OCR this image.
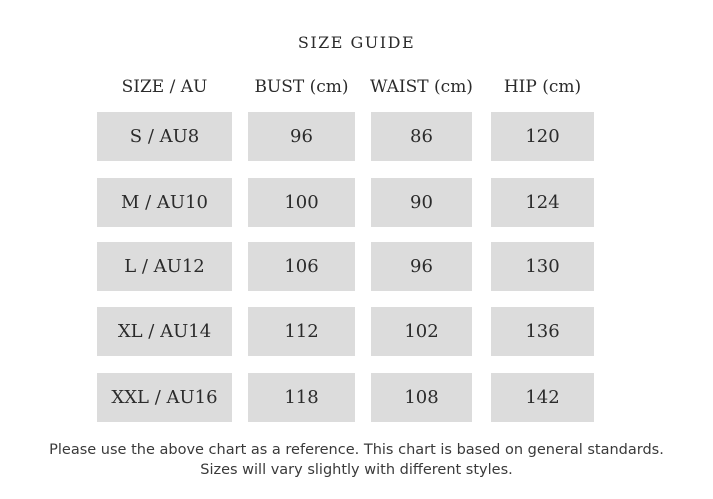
SIZE GUIDE
SIZE / AU	BUST (cm)	WAIST (cm)	HIP (cm)
S / AU8	96	86	120
M / AU10	100	90	124
L / AU12	106	96	130
XL / AU14	112	102	136
XXL / AU16	118	108	142
Please use the above chart as a reference. This chart is based on general standards.
Sizes will vary slightly with different styles.
